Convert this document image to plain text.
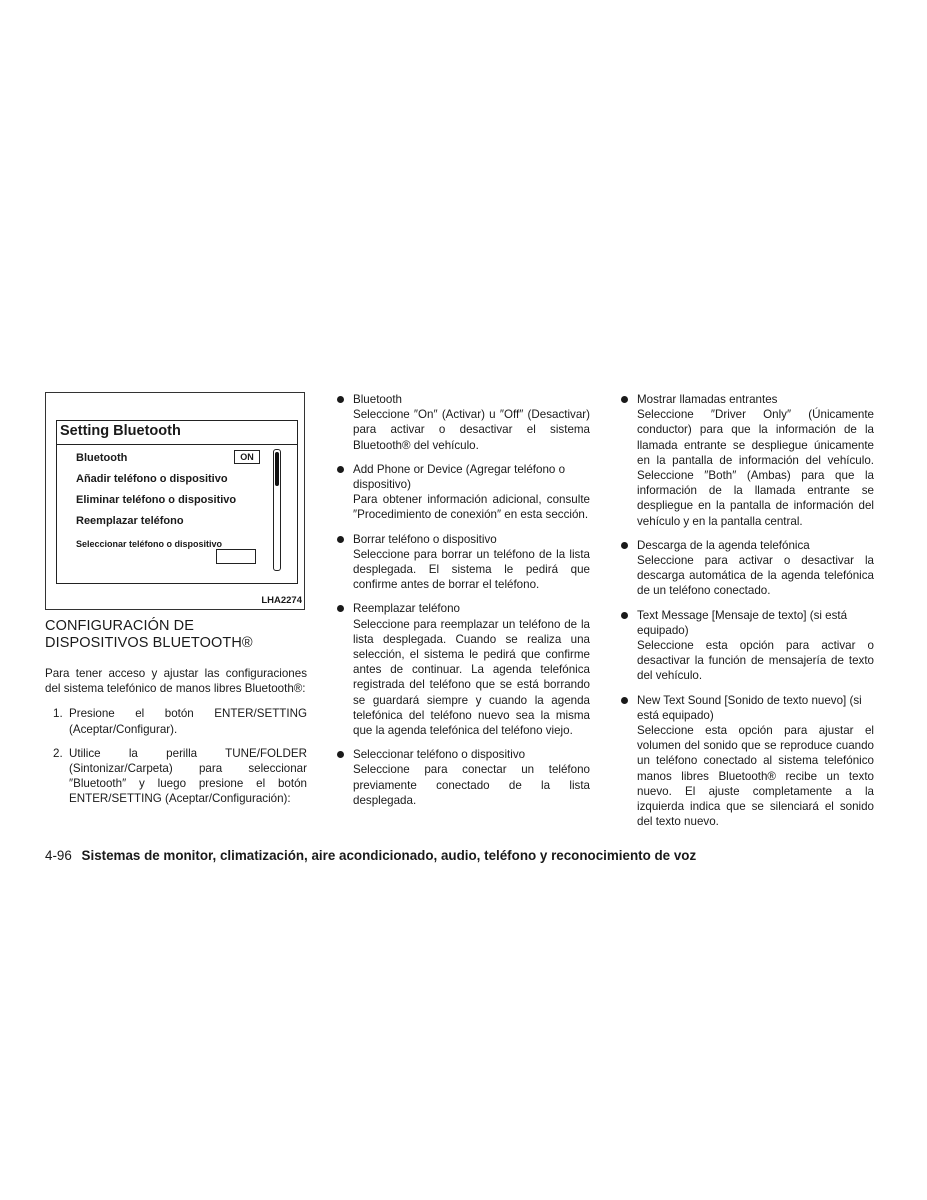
Setting Bluetooth
Bluetooth	ON
Añadir teléfono o dispositivo
Eliminar teléfono o dispositivo
Reemplazar teléfono
Seleccionar teléfono o dispositivo
LHA2274
CONFIGURACIÓN DE
DISPOSITIVOS BLUETOOTH®

Para tener acceso y ajustar las configuraciones del sistema telefónico de manos libres Bluetooth®:

1. Presione el botón ENTER/SETTING (Aceptar/Configurar).
2. Utilice la perilla TUNE/FOLDER (Sintonizar/Carpeta) para seleccionar ″Bluetooth″ y luego presione el botón ENTER/SETTING (Aceptar/Configuración):
Bluetooth
Seleccione ″On″ (Activar) u ″Off″ (Desactivar) para activar o desactivar el sistema Bluetooth® del vehículo.
Add Phone or Device (Agregar teléfono o dispositivo)
Para obtener información adicional, consulte ″Procedimiento de conexión″ en esta sección.
Borrar teléfono o dispositivo
Seleccione para borrar un teléfono de la lista desplegada. El sistema le pedirá que confirme antes de borrar el teléfono.
Reemplazar teléfono
Seleccione para reemplazar un teléfono de la lista desplegada. Cuando se realiza una selección, el sistema le pedirá que confirme antes de continuar. La agenda telefónica registrada del teléfono que se está borrando se guardará siempre y cuando la agenda telefónica del teléfono nuevo sea la misma que la agenda telefónica del teléfono viejo.
Seleccionar teléfono o dispositivo
Seleccione para conectar un teléfono previamente conectado de la lista desplegada.
Mostrar llamadas entrantes
Seleccione ″Driver Only″ (Únicamente conductor) para que la información de la llamada entrante se despliegue únicamente en la pantalla de información del vehículo. Seleccione ″Both″ (Ambas) para que la información de la llamada entrante se despliegue en la pantalla de información del vehículo y en la pantalla central.
Descarga de la agenda telefónica
Seleccione para activar o desactivar la descarga automática de la agenda telefónica de un teléfono conectado.
Text Message [Mensaje de texto] (si está equipado)
Seleccione esta opción para activar o desactivar la función de mensajería de texto del vehículo.
New Text Sound [Sonido de texto nuevo] (si está equipado)
Seleccione esta opción para ajustar el volumen del sonido que se reproduce cuando un teléfono conectado al sistema telefónico manos libres Bluetooth® recibe un texto nuevo. El ajuste completamente a la izquierda indica que se silenciará el sonido del texto nuevo.
4-96 Sistemas de monitor, climatización, aire acondicionado, audio, teléfono y reconocimiento de voz
